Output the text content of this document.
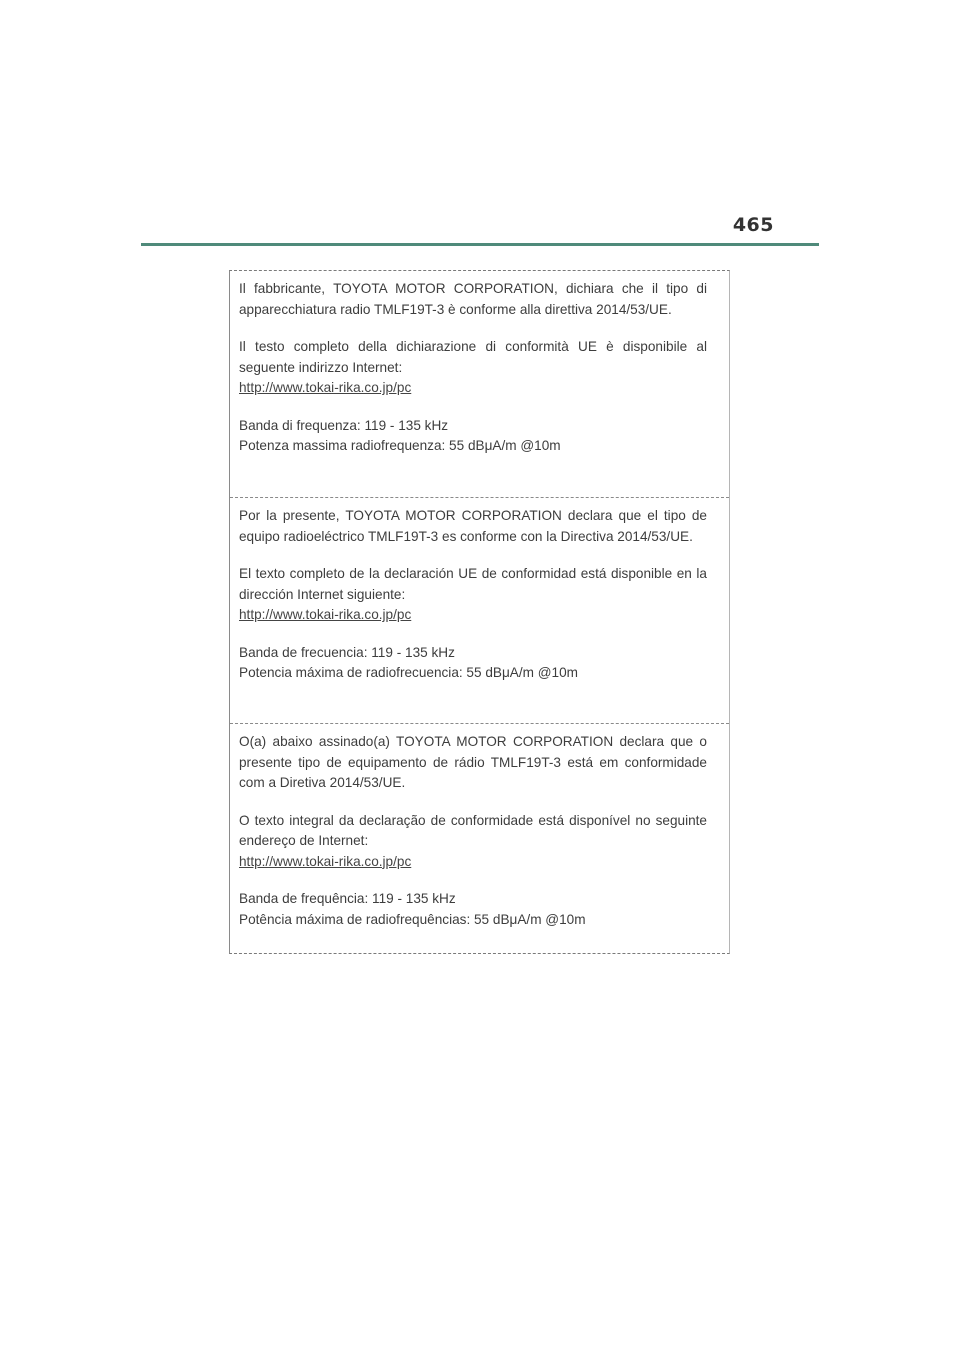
465

Il fabbricante, TOYOTA MOTOR CORPORATION, dichiara che il tipo di apparecchiatura radio TMLF19T-3 è conforme alla direttiva 2014/53/UE.

Il testo completo della dichiarazione di conformità UE è disponibile al seguente indirizzo Internet:
http://www.tokai-rika.co.jp/pc

Banda di frequenza: 119 - 135 kHz
Potenza massima radiofrequenza: 55 dBμA/m @10m

Por la presente, TOYOTA MOTOR CORPORATION declara que el tipo de equipo radioeléctrico TMLF19T-3 es conforme con la Directiva 2014/53/UE.

El texto completo de la declaración UE de conformidad está disponible en la dirección Internet siguiente:
http://www.tokai-rika.co.jp/pc

Banda de frecuencia: 119 - 135 kHz
Potencia máxima de radiofrecuencia: 55 dBμA/m @10m

O(a) abaixo assinado(a) TOYOTA MOTOR CORPORATION declara que o presente tipo de equipamento de rádio TMLF19T-3 está em conformidade com a Diretiva 2014/53/UE.

O texto integral da declaração de conformidade está disponível no seguinte endereço de Internet:
http://www.tokai-rika.co.jp/pc

Banda de frequência: 119 - 135 kHz
Potência máxima de radiofrequências: 55 dBμA/m @10m
